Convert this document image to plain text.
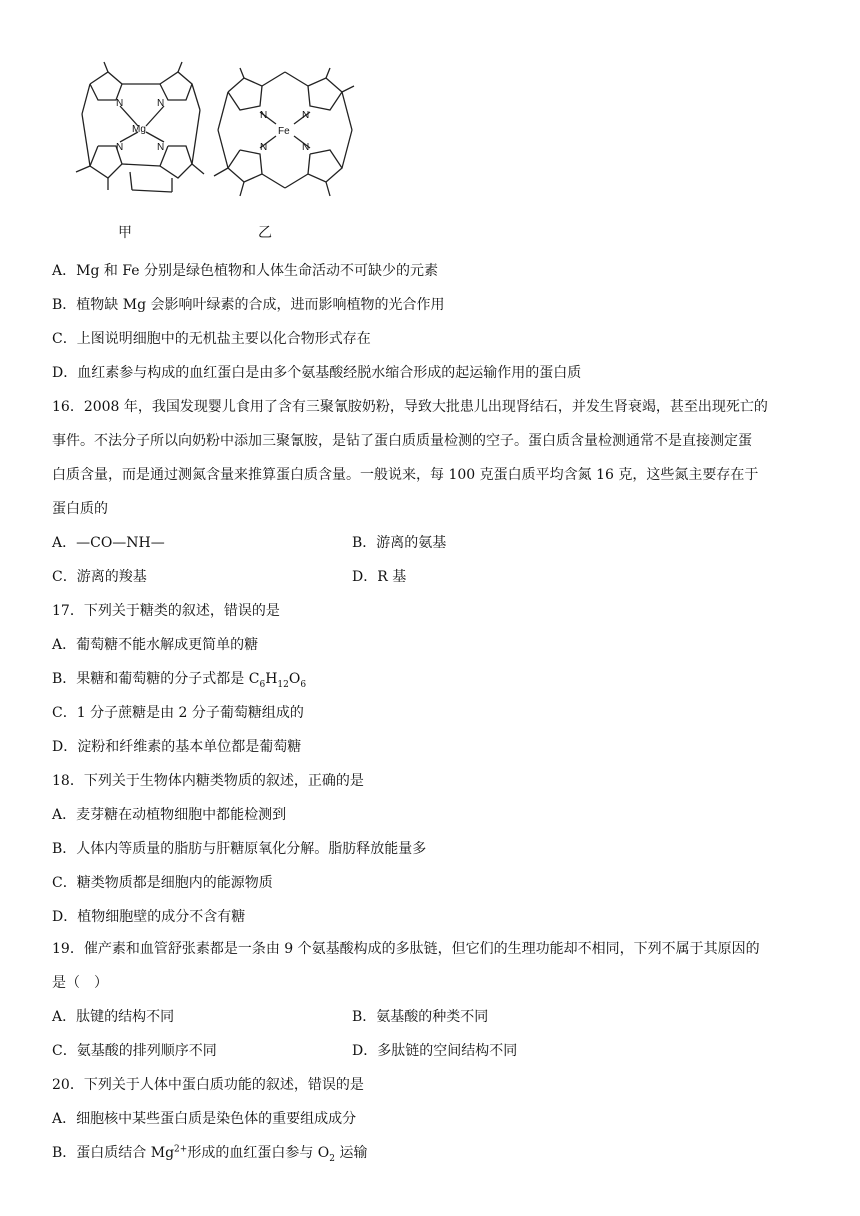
N	N
N	N
Mg
N	N
N	N
Fe
甲	乙
A．Mg 和 Fe 分别是绿色植物和人体生命活动不可缺少的元素
B．植物缺 Mg 会影响叶绿素的合成，进而影响植物的光合作用
C．上图说明细胞中的无机盐主要以化合物形式存在
D．血红素参与构成的血红蛋白是由多个氨基酸经脱水缩合形成的起运输作用的蛋白质
16．2008 年，我国发现婴儿食用了含有三聚氰胺奶粉，导致大批患儿出现肾结石，并发生肾衰竭，甚至出现死亡的
事件。不法分子所以向奶粉中添加三聚氰胺，是钻了蛋白质质量检测的空子。蛋白质含量检测通常不是直接测定蛋
白质含量，而是通过测氮含量来推算蛋白质含量。一般说来，每 100 克蛋白质平均含氮 16 克，这些氮主要存在于
蛋白质的
A．—CO—NH—	B．游离的氨基
C．游离的羧基	D．R 基
17．下列关于糖类的叙述，错误的是
A．葡萄糖不能水解成更简单的糖
B．果糖和葡萄糖的分子式都是 $C_6H_{12}O_6$
C．1 分子蔗糖是由 2 分子葡萄糖组成的
D．淀粉和纤维素的基本单位都是葡萄糖
18．下列关于生物体内糖类物质的叙述，正确的是
A．麦芽糖在动植物细胞中都能检测到
B．人体内等质量的脂肪与肝糖原氧化分解。脂肪释放能量多
C．糖类物质都是细胞内的能源物质
D．植物细胞壁的成分不含有糖
19．催产素和血管舒张素都是一条由 9 个氨基酸构成的多肽链，但它们的生理功能却不相同，下列不属于其原因的
是（　）
A．肽键的结构不同	B．氨基酸的种类不同
C．氨基酸的排列顺序不同	D．多肽链的空间结构不同
20．下列关于人体中蛋白质功能的叙述，错误的是
A．细胞核中某些蛋白质是染色体的重要组成成分
B．蛋白质结合 $Mg^{2+}$形成的血红蛋白参与 $O_2$ 运输
